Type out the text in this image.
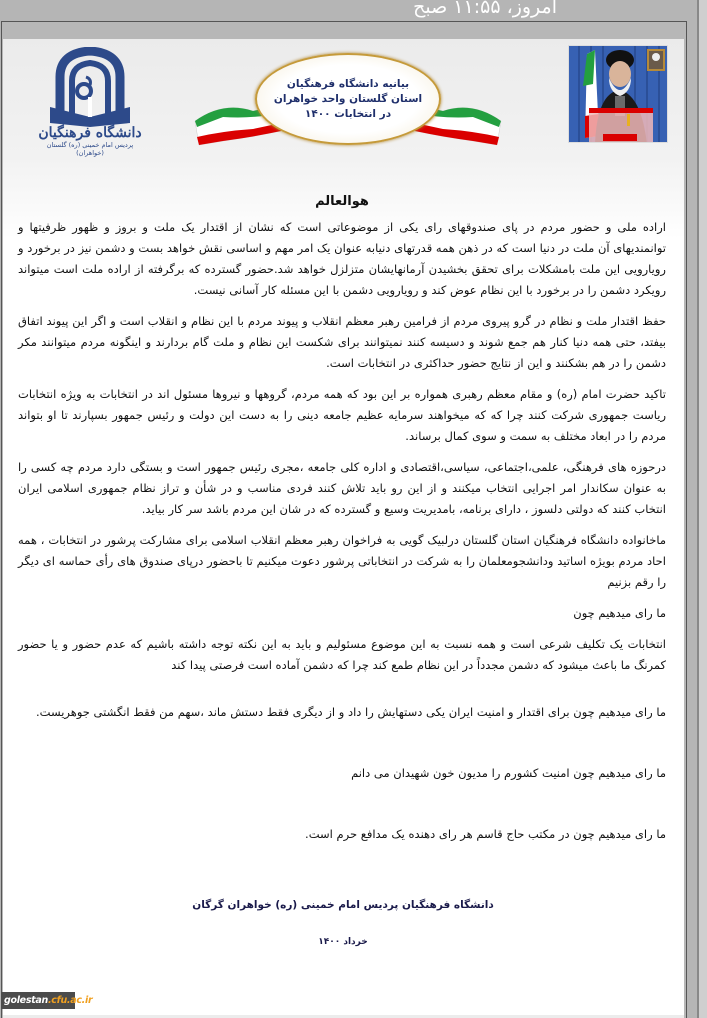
امروز، ۱۱:۵۵ صبح
دانشگاه فرهنگیان
پردیس امام خمینی (ره) گلستان
(خواهران)
بیانیه دانشگاه فرهنگیان
استان گلستان واحد خواهران
در انتخابات ۱۴۰۰
هوالعالم

اراده ملی و حضور مردم در پای صندوقهای رای یکی از موضوعاتی است که نشان از اقتدار یک ملت و بروز و ظهور ظرفیتها و توانمندیهای آن ملت در دنیا است که در ذهن همه قدرتهای دنیابه عنوان یک امر مهم و اساسی نقش خواهد بست و دشمن نیز در برخورد و رویارویی این ملت بامشکلات برای تحقق بخشیدن آرمانهایشان متزلزل خواهد شد.حضور گسترده که برگرفته از اراده ملت است میتواند رویکرد دشمن را در برخورد با این نظام عوض کند و رویارویی دشمن با این مسئله کار آسانی نیست.

حفظ اقتدار ملت و نظام در گرو پیروی مردم از فرامین رهبر معظم انقلاب و پیوند مردم با این نظام و انقلاب است و اگر این پیوند اتفاق بیفتد، حتی همه دنیا کنار هم جمع شوند و دسیسه کنند نمیتوانند برای شکست این نظام و ملت گام بردارند و اینگونه مردم میتوانند مکر دشمن را در هم بشکنند و این از نتایج حضور حداکثری در انتخابات است.

تاکید حضرت امام (ره) و مقام معظم رهبری همواره بر این بود که همه مردم، گروهها و نیروها مسئول اند در انتخابات به ویژه انتخابات ریاست جمهوری شرکت کنند چرا که که میخواهند سرمایه عظیم جامعه دینی را به دست این دولت و رئیس جمهور بسپارند تا او بتواند مردم را در ابعاد مختلف به سمت و سوی کمال برساند.

درحوزه های فرهنگی، علمی،اجتماعی، سیاسی،اقتصادی و اداره کلی جامعه ،مجری رئیس جمهور است و بستگی دارد مردم چه کسی را به عنوان سکاندار امر اجرایی انتخاب میکنند و از این رو باید تلاش کنند فردی مناسب و در شأن و تراز نظام جمهوری اسلامی ایران انتخاب کنند که دولتی دلسوز ، دارای برنامه، بامدیریت وسیع و گسترده که در شان این مردم باشد سر کار بیاید.

ماخانواده دانشگاه فرهنگیان استان گلستان درلبیک گویی به فراخوان رهبر معظم انقلاب اسلامی برای مشارکت پرشور در انتخابات ، همه احاد مردم بویژه اساتید ودانشجومعلمان را به شرکت در انتخاباتی پرشور دعوت میکنیم تا باحضور درپای صندوق های رأی حماسه ای دیگر را رقم بزنیم

ما رای میدهیم چون

انتخابات یک تکلیف شرعی است و همه نسبت به این موضوع مسئولیم و باید به این نکته توجه داشته باشیم که عدم حضور و یا حضور کمرنگ ما باعث میشود که دشمن مجدداً در این نظام طمع کند چرا که دشمن آماده است فرصتی پیدا کند

ما رای میدهیم چون برای اقتدار و امنیت ایران یکی دستهایش را داد و از دیگری فقط دستش ماند ،سهم من فقط انگشتی جوهریست.

ما رای میدهیم چون امنیت کشورم را مدیون خون شهیدان می دانم

ما رای میدهیم چون در مکتب حاج قاسم هر رای دهنده یک مدافع حرم است.

دانشگاه فرهنگیان پردیس امام خمینی (ره) خواهران گرگان
خرداد ۱۴۰۰
golestan.cfu.ac.ir
